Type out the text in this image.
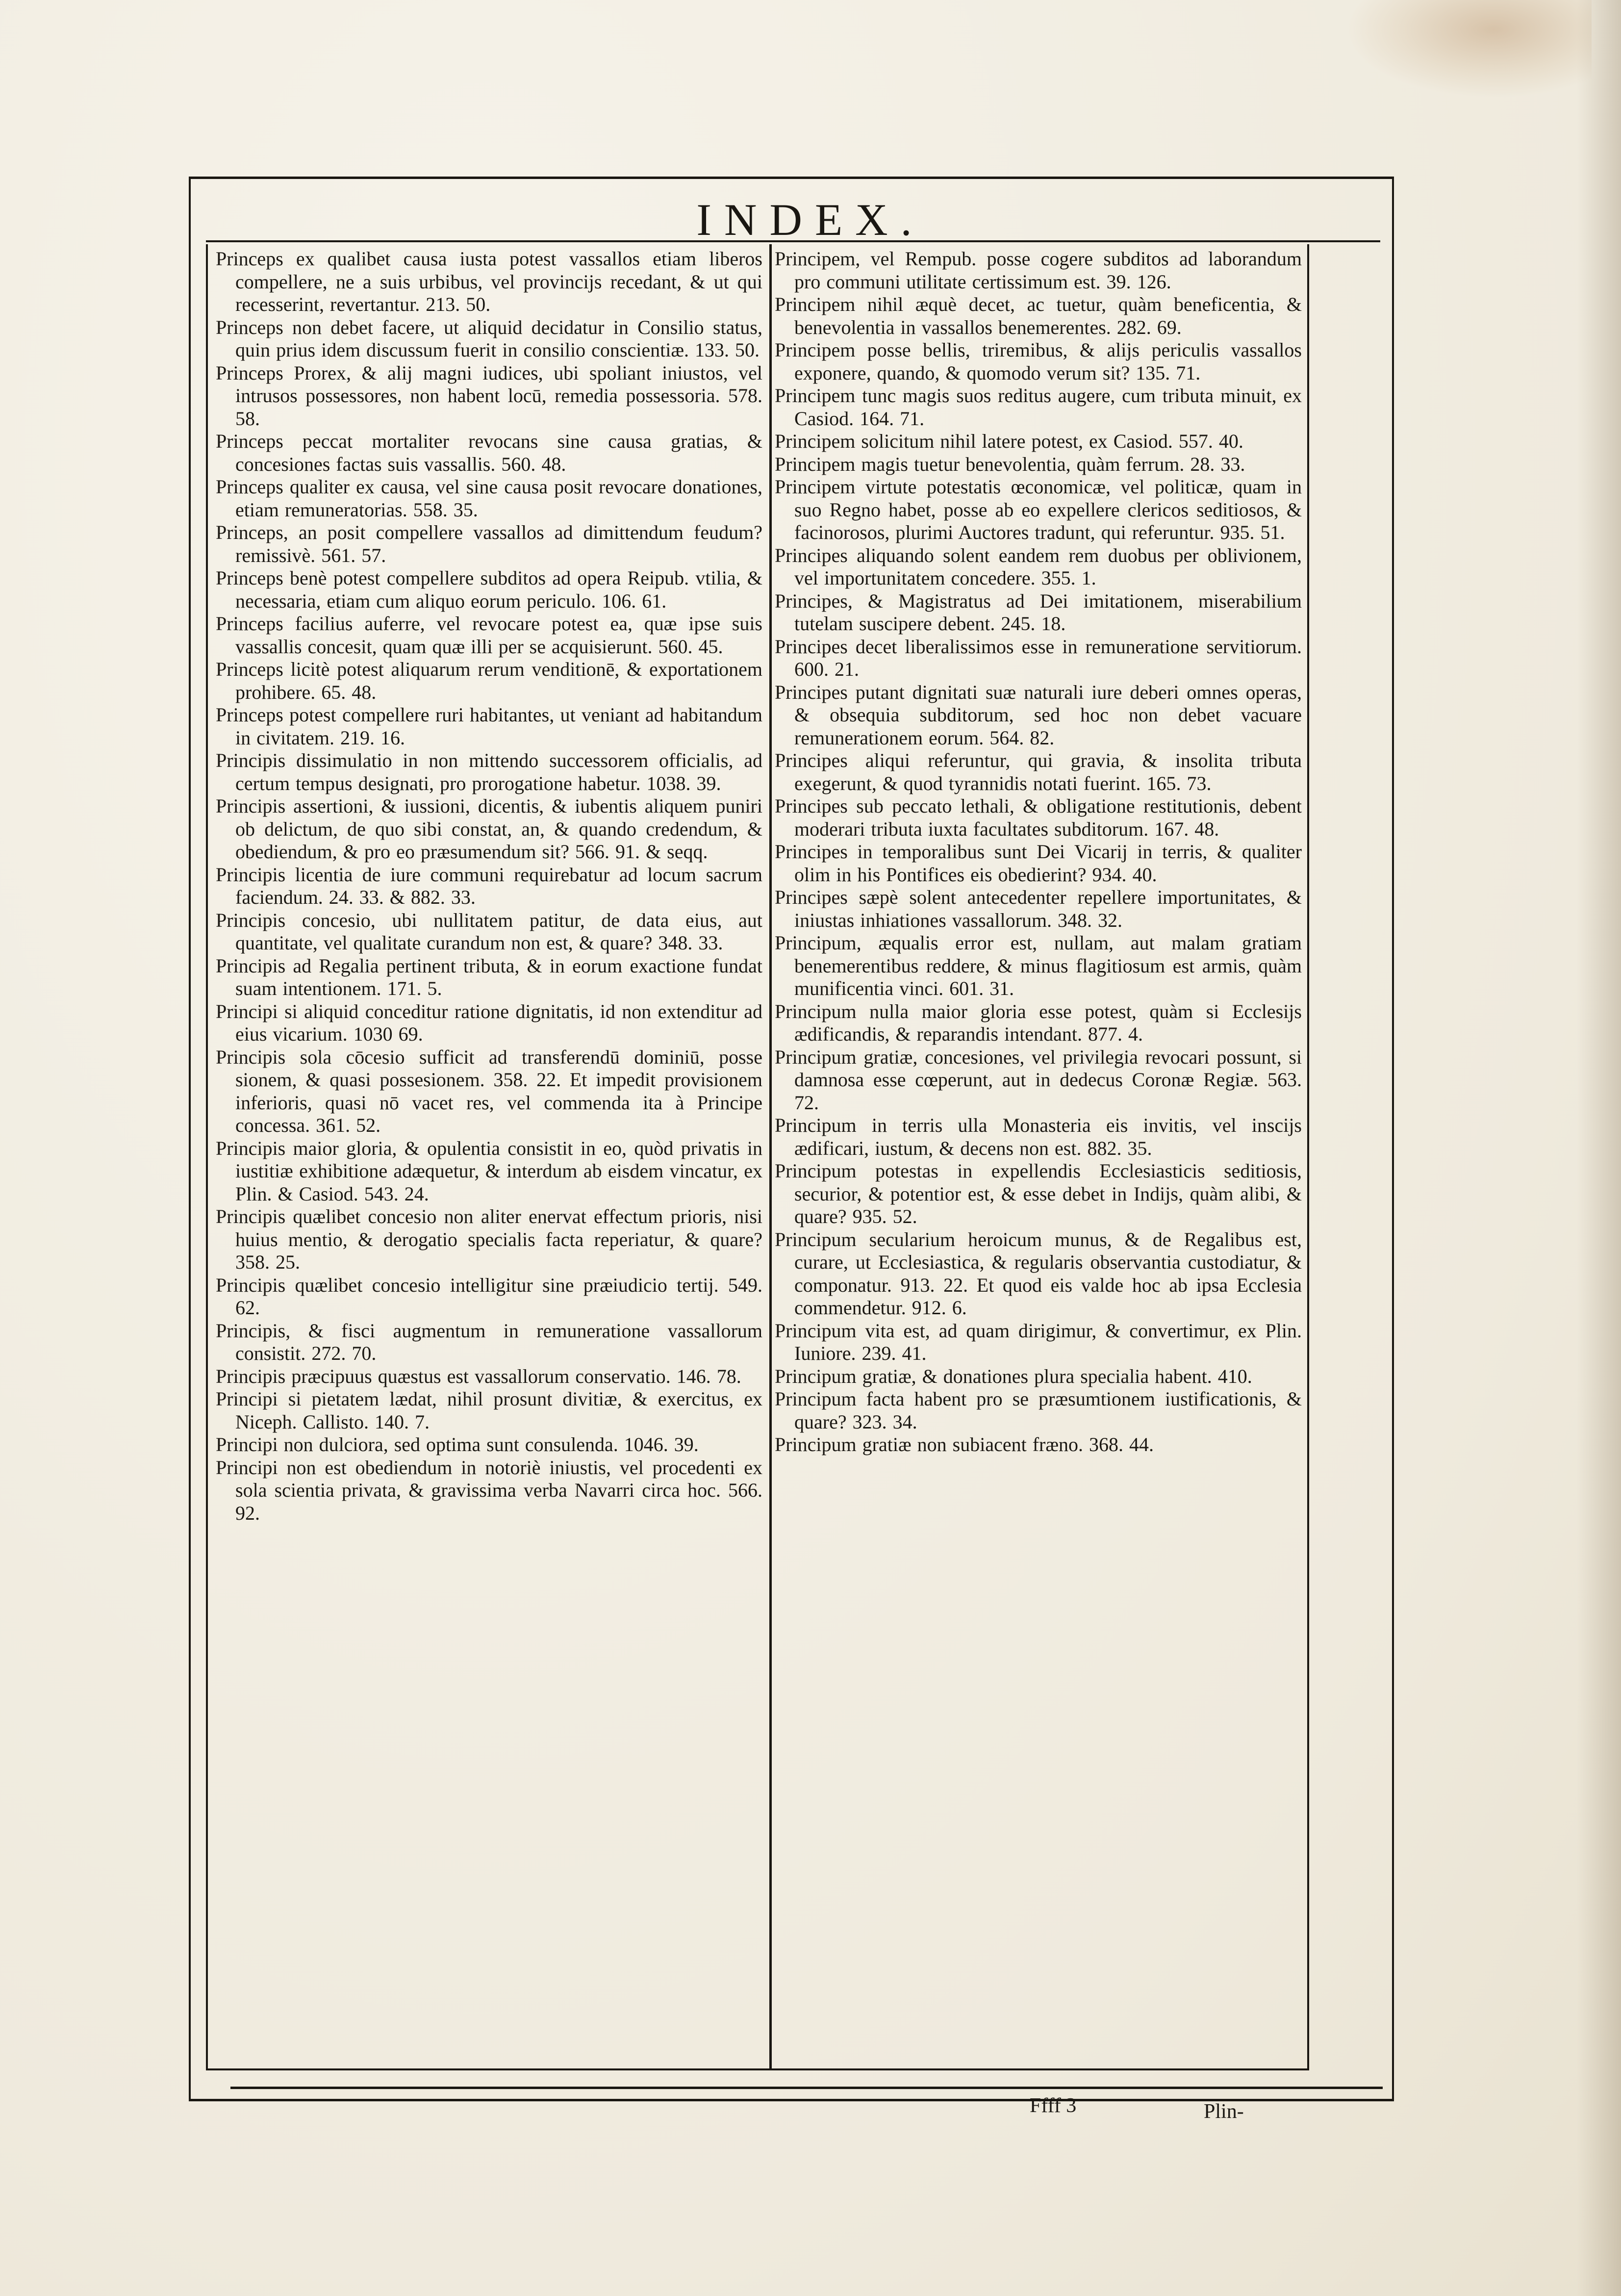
INDEX.

Princeps ex qualibet causa iusta potest vassallos etiam liberos compellere, ne a suis urbibus, vel provincijs recedant, & ut qui recesserint, revertantur. 213. 50.

Princeps non debet facere, ut aliquid decidatur in Consilio status, quin prius idem discussum fuerit in consilio conscientiæ. 133. 50.

Princeps Prorex, & alij magni iudices, ubi spoliant iniustos, vel intrusos possessores, non habent locū, remedia possessoria. 578. 58.

Princeps peccat mortaliter revocans sine causa gratias, & concesiones factas suis vassallis. 560. 48.

Princeps qualiter ex causa, vel sine causa posit revocare donationes, etiam remuneratorias. 558. 35.

Princeps, an posit compellere vassallos ad dimittendum feudum? remissivè. 561. 57.

Princeps benè potest compellere subditos ad opera Reipub. vtilia, & necessaria, etiam cum aliquo eorum periculo. 106. 61.

Princeps facilius auferre, vel revocare potest ea, quæ ipse suis vassallis concesit, quam quæ illi per se acquisierunt. 560. 45.

Princeps licitè potest aliquarum rerum venditionē, & exportationem prohibere. 65. 48.

Princeps potest compellere ruri habitantes, ut veniant ad habitandum in civitatem. 219. 16.

Principis dissimulatio in non mittendo successorem officialis, ad certum tempus designati, pro prorogatione habetur. 1038. 39.

Principis assertioni, & iussioni, dicentis, & iubentis aliquem puniri ob delictum, de quo sibi constat, an, & quando credendum, & obediendum, & pro eo præsumendum sit? 566. 91. & seqq.

Principis licentia de iure communi requirebatur ad locum sacrum faciendum. 24. 33. & 882. 33.

Principis concesio, ubi nullitatem patitur, de data eius, aut quantitate, vel qualitate curandum non est, & quare? 348. 33.

Principis ad Regalia pertinent tributa, & in eorum exactione fundat suam intentionem. 171. 5.

Principi si aliquid conceditur ratione dignitatis, id non extenditur ad eius vicarium. 1030 69.

Principis sola cōcesio sufficit ad transferendū dominiū, posse sionem, & quasi possesionem. 358. 22. Et impedit provisionem inferioris, quasi nō vacet res, vel commenda ita à Principe concessa. 361. 52.

Principis maior gloria, & opulentia consistit in eo, quòd privatis in iustitiæ exhibitione adæquetur, & interdum ab eisdem vincatur, ex Plin. & Casiod. 543. 24.

Principis quælibet concesio non aliter enervat effectum prioris, nisi huius mentio, & derogatio specialis facta reperiatur, & quare? 358. 25.

Principis quælibet concesio intelligitur sine præiudicio tertij. 549. 62.

Principis, & fisci augmentum in remuneratione vassallorum consistit. 272. 70.

Principis præcipuus quæstus est vassallorum conservatio. 146. 78.

Principi si pietatem lædat, nihil prosunt divitiæ, & exercitus, ex Niceph. Callisto. 140. 7.

Principi non dulciora, sed optima sunt consulenda. 1046. 39.

Principi non est obediendum in notoriè iniustis, vel procedenti ex sola scientia privata, & gravissima verba Navarri circa hoc. 566. 92.

Principem, vel Rempub. posse cogere subditos ad laborandum pro communi utilitate certissimum est. 39. 126.

Principem nihil æquè decet, ac tuetur, quàm beneficentia, & benevolentia in vassallos benemerentes. 282. 69.

Principem posse bellis, triremibus, & alijs periculis vassallos exponere, quando, & quomodo verum sit? 135. 71.

Principem tunc magis suos reditus augere, cum tributa minuit, ex Casiod. 164. 71.

Principem solicitum nihil latere potest, ex Casiod. 557. 40.

Principem magis tuetur benevolentia, quàm ferrum. 28. 33.

Principem virtute potestatis œconomicæ, vel politicæ, quam in suo Regno habet, posse ab eo expellere clericos seditiosos, & facinorosos, plurimi Auctores tradunt, qui referuntur. 935. 51.

Principes aliquando solent eandem rem duobus per oblivionem, vel importunitatem concedere. 355. 1.

Principes, & Magistratus ad Dei imitationem, miserabilium tutelam suscipere debent. 245. 18.

Principes decet liberalissimos esse in remuneratione servitiorum. 600. 21.

Principes putant dignitati suæ naturali iure deberi omnes operas, & obsequia subditorum, sed hoc non debet vacuare remunerationem eorum. 564. 82.

Principes aliqui referuntur, qui gravia, & insolita tributa exegerunt, & quod tyrannidis notati fuerint. 165. 73.

Principes sub peccato lethali, & obligatione restitutionis, debent moderari tributa iuxta facultates subditorum. 167. 48.

Principes in temporalibus sunt Dei Vicarij in terris, & qualiter olim in his Pontifices eis obedierint? 934. 40.

Principes sæpè solent antecedenter repellere importunitates, & iniustas inhiationes vassallorum. 348. 32.

Principum, æqualis error est, nullam, aut malam gratiam benemerentibus reddere, & minus flagitiosum est armis, quàm munificentia vinci. 601. 31.

Principum nulla maior gloria esse potest, quàm si Ecclesijs ædificandis, & reparandis intendant. 877. 4.

Principum gratiæ, concesiones, vel privilegia revocari possunt, si damnosa esse cœperunt, aut in dedecus Coronæ Regiæ. 563. 72.

Principum in terris ulla Monasteria eis invitis, vel inscijs ædificari, iustum, & decens non est. 882. 35.

Principum potestas in expellendis Ecclesiasticis seditiosis, securior, & potentior est, & esse debet in Indijs, quàm alibi, & quare? 935. 52.

Principum secularium heroicum munus, & de Regalibus est, curare, ut Ecclesiastica, & regularis observantia custodiatur, & componatur. 913. 22. Et quod eis valde hoc ab ipsa Ecclesia commendetur. 912. 6.

Principum vita est, ad quam dirigimur, & convertimur, ex Plin. Iuniore. 239. 41.

Principum gratiæ, & donationes plura specialia habent. 410.

Principum facta habent pro se præsumtionem iustificationis, & quare? 323. 34.

Principum gratiæ non subiacent fræno. 368. 44.

Ffff 3	Plin-
